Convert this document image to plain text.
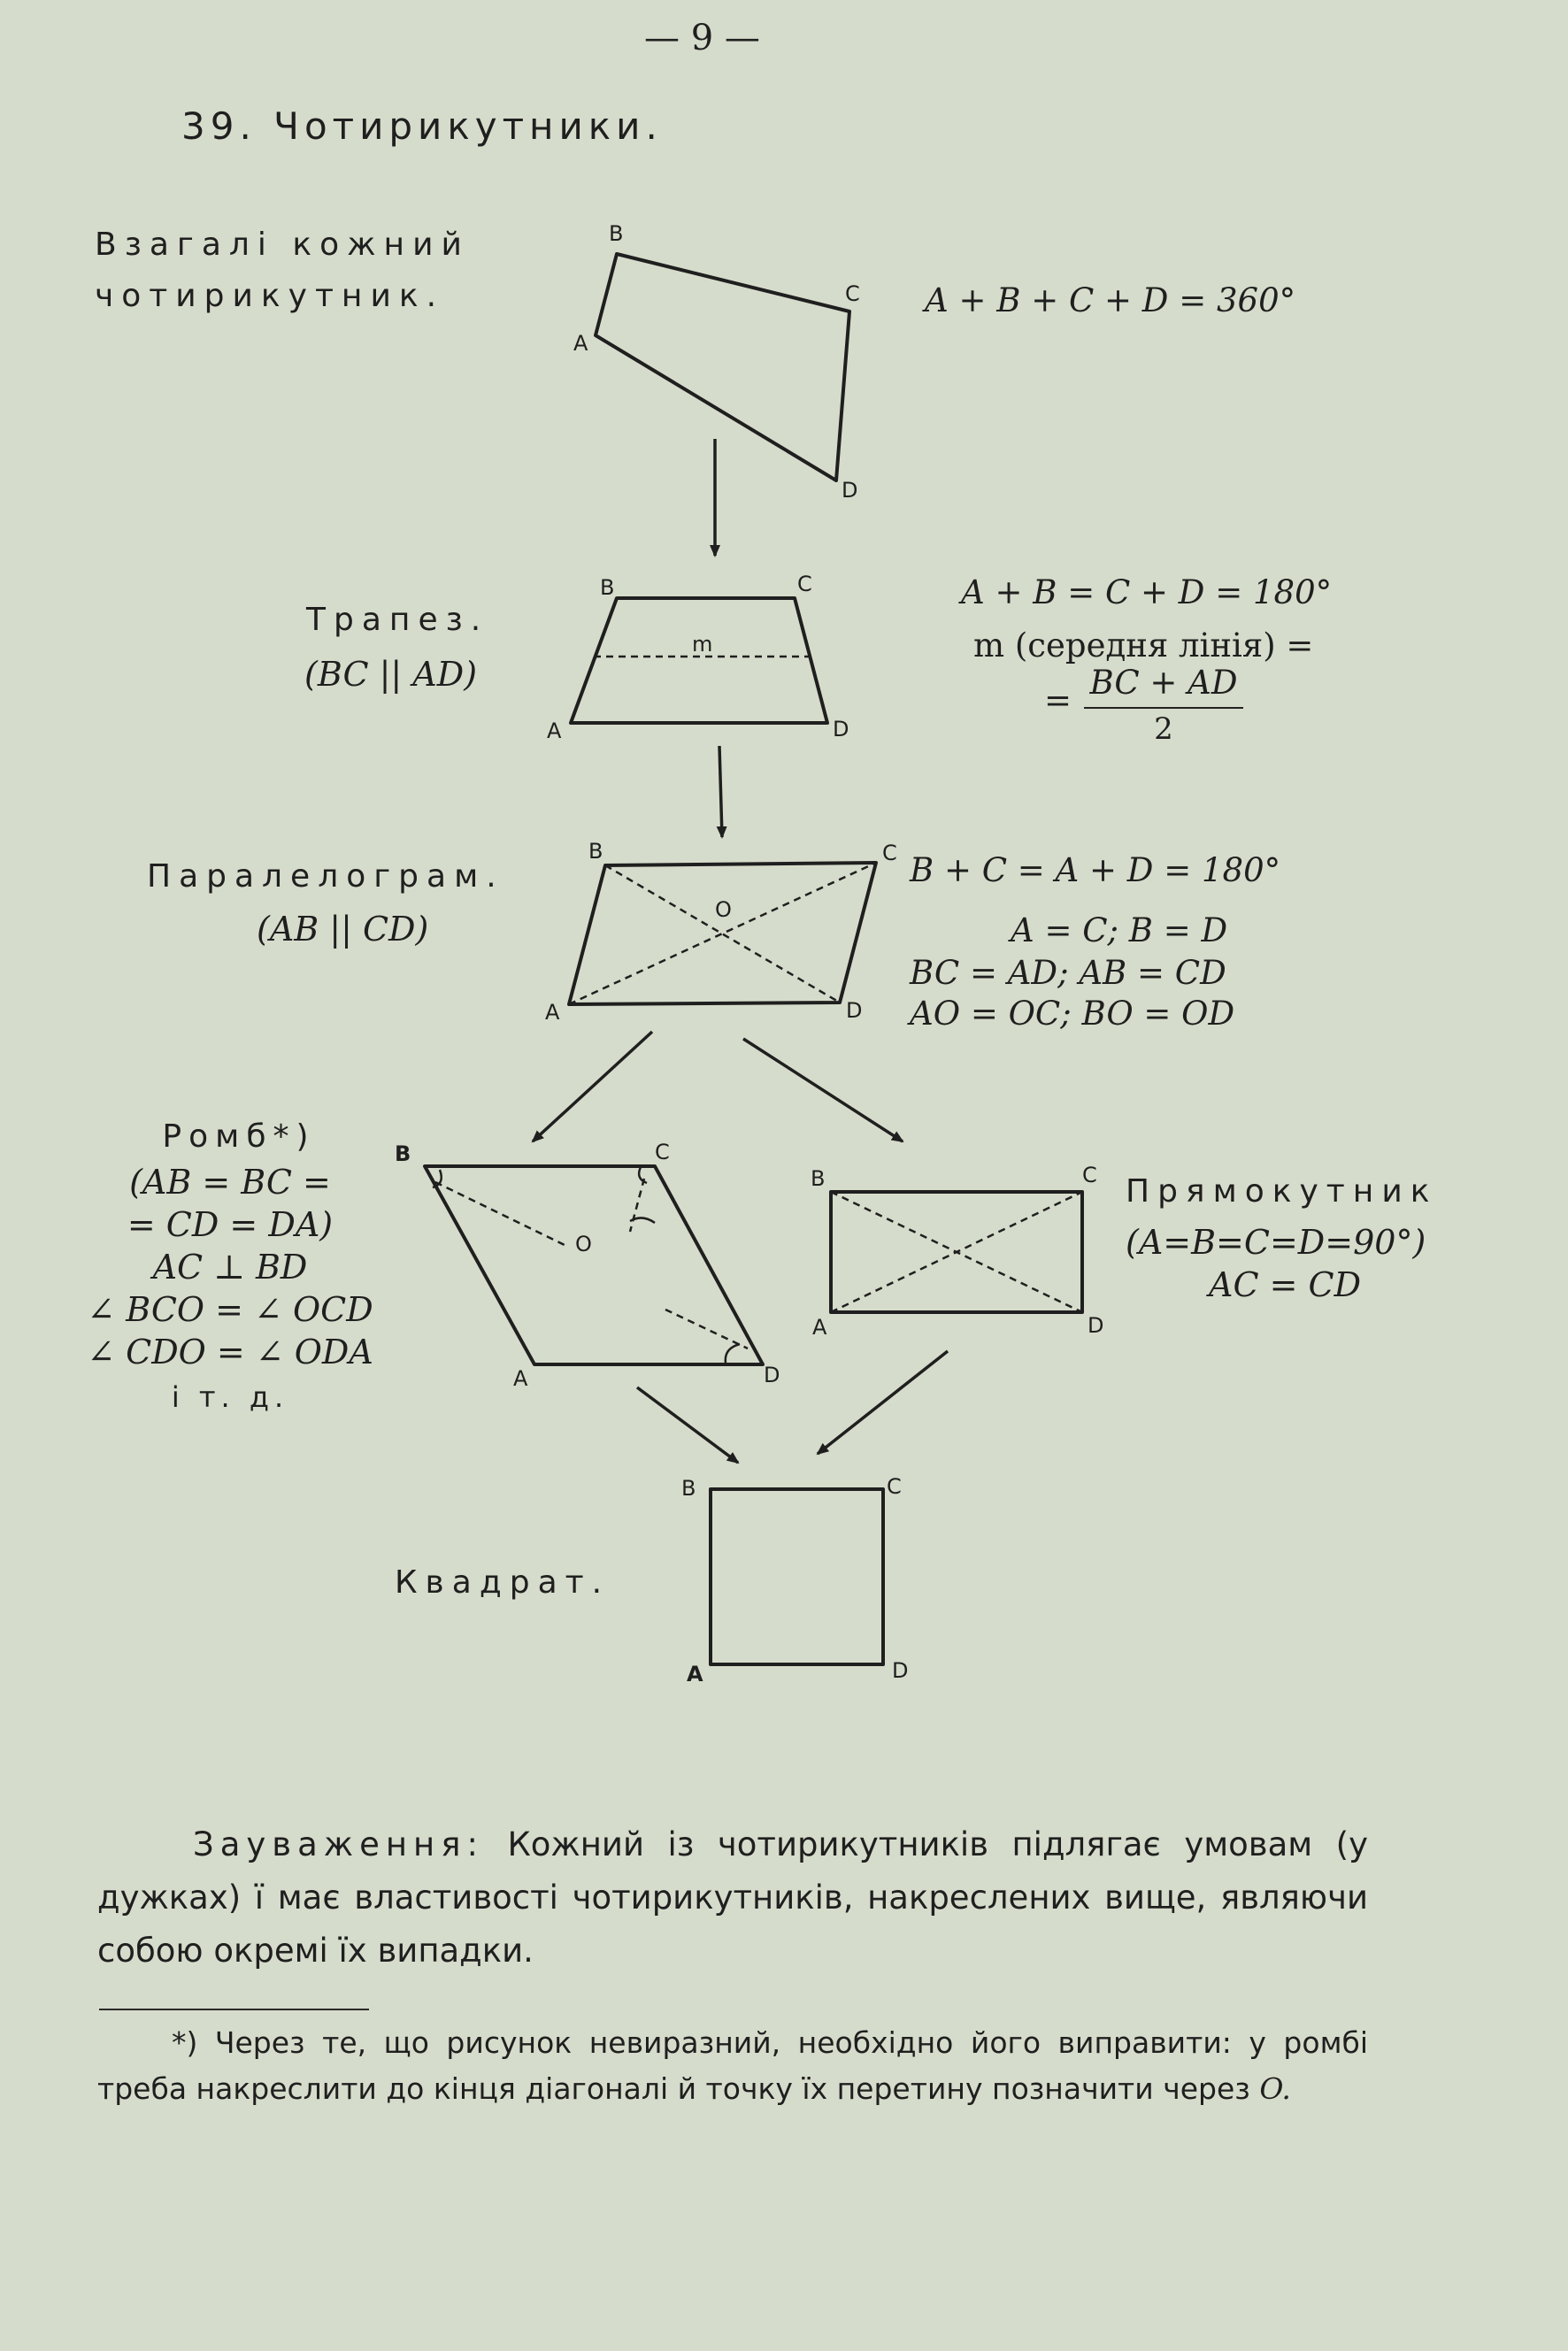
— 9 —
39. Чотирикутники.
Взагалі кожний
чотирикутник.	A + B + C + D = 360°
Трапез.
(BC || AD)
A + B = C + D = 180°
m (середня лінія) =
= BC + AD
2
Паралелограм.
(AB || CD)
B + C = A + D = 180°
A = C; B = D
BC = AD; AB = CD
AO = OC; BO = OD
Ромб*)
(AB = BC =
= CD = DA)
AC ⊥ BD
∠ BCO = ∠ OCD
∠ CDO = ∠ ODA
і т. д.
Прямокутник
(A=B=C=D=90°)
AC = CD
Квадрат.
B
C
A
D
B	C
A	D
m
B	C
A	D
O
B	C
A	D
O
B	C
A	D
B	C
A	D
Зауваження: Кожний із чотирикутників підлягає умовам (у дужках) ї має властивості чотирикутників, накреслених вище, являючи собою окремі їх випадки.
*) Через те, що рисунок невиразний, необхідно його виправити: у ромбі треба накреслити до кінця діагоналі й точку їх перетину позначити через O.
